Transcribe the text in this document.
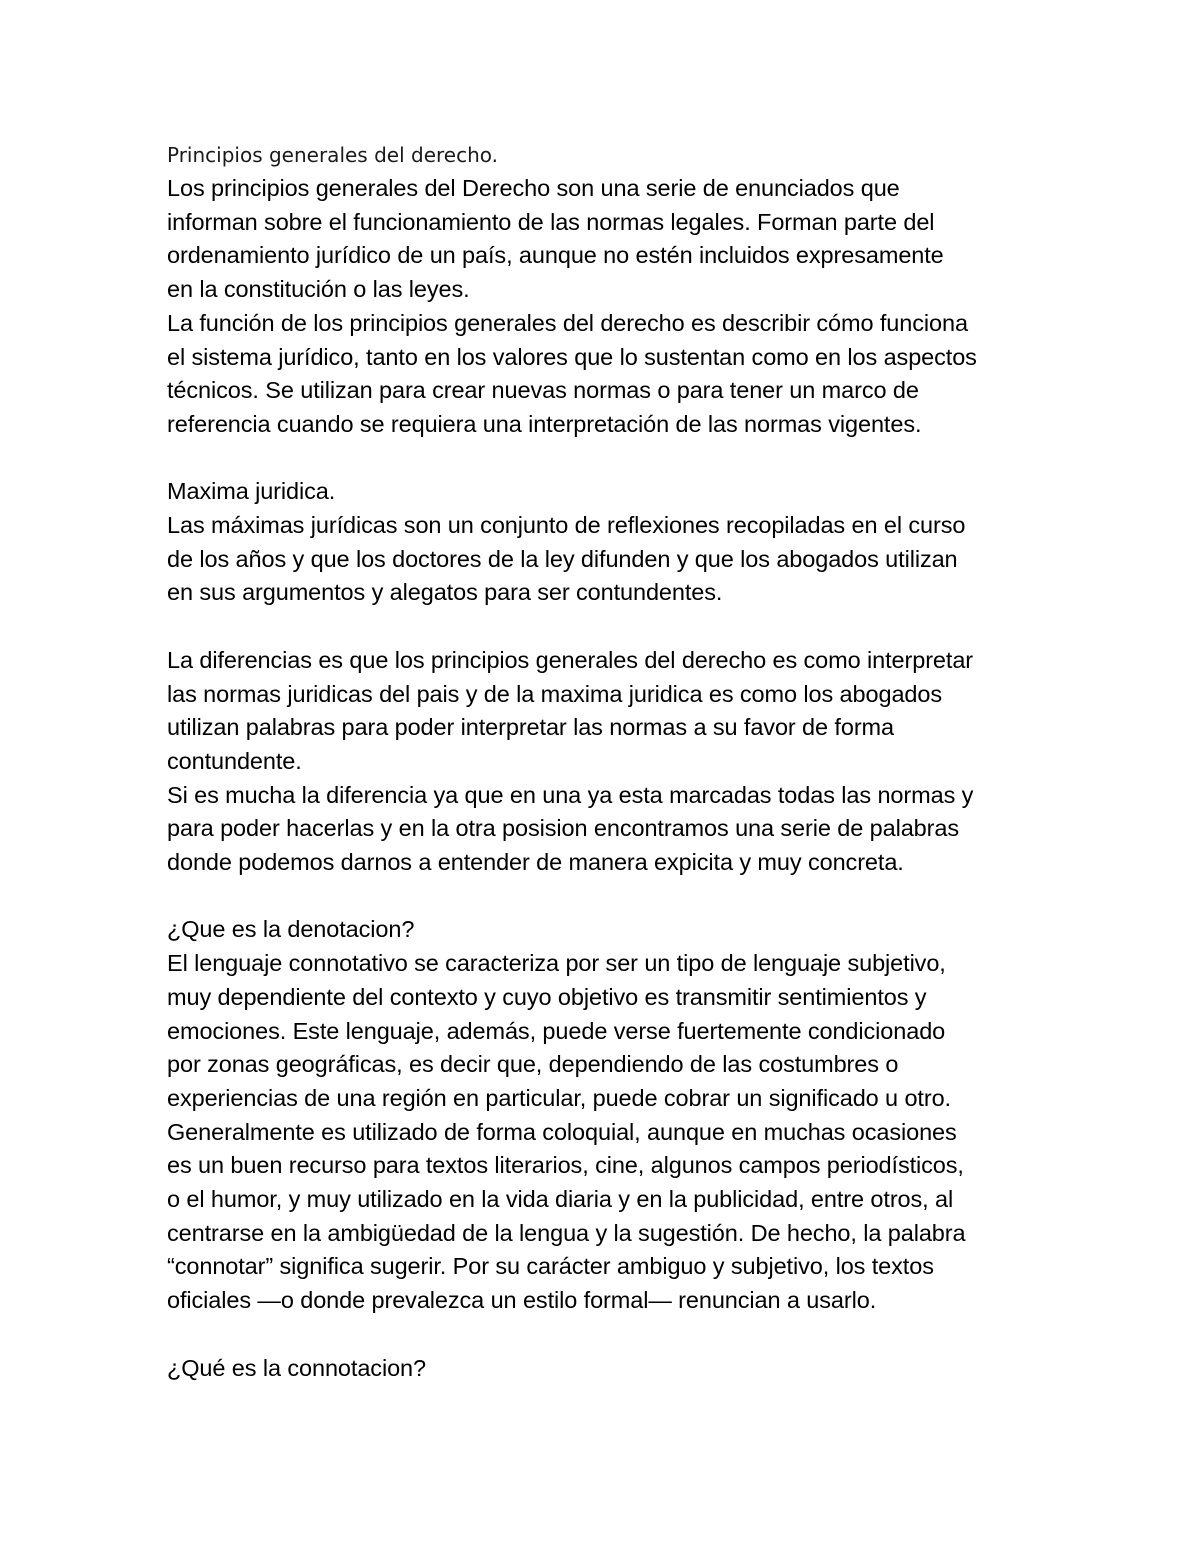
Principios generales del derecho.

Los principios generales del Derecho son una serie de enunciados que
informan sobre el funcionamiento de las normas legales. Forman parte del
ordenamiento jurídico de un país, aunque no estén incluidos expresamente
en la constitución o las leyes.
La función de los principios generales del derecho es describir cómo funciona
el sistema jurídico, tanto en los valores que lo sustentan como en los aspectos
técnicos. Se utilizan para crear nuevas normas o para tener un marco de
referencia cuando se requiera una interpretación de las normas vigentes.
Maxima juridica.
Las máximas jurídicas son un conjunto de reflexiones recopiladas en el curso
de los años y que los doctores de la ley difunden y que los abogados utilizan
en sus argumentos y alegatos para ser contundentes.
La diferencias es que los principios generales del derecho es como interpretar
las normas juridicas del pais y de la maxima juridica es como los abogados
utilizan palabras para poder interpretar las normas a su favor de forma
contundente.
Si es mucha la diferencia ya que en una ya esta marcadas todas las normas y
para poder hacerlas y en la otra posision encontramos una serie de palabras
donde podemos darnos a entender de manera expicita y muy concreta.
¿Que es la denotacion?
El lenguaje connotativo se caracteriza por ser un tipo de lenguaje subjetivo,
muy dependiente del contexto y cuyo objetivo es transmitir sentimientos y
emociones. Este lenguaje, además, puede verse fuertemente condicionado
por zonas geográficas, es decir que, dependiendo de las costumbres o
experiencias de una región en particular, puede cobrar un significado u otro.
Generalmente es utilizado de forma coloquial, aunque en muchas ocasiones
es un buen recurso para textos literarios, cine, algunos campos periodísticos,
o el humor, y muy utilizado en la vida diaria y en la publicidad, entre otros, al
centrarse en la ambigüedad de la lengua y la sugestión. De hecho, la palabra
“connotar” significa sugerir. Por su carácter ambiguo y subjetivo, los textos
oficiales —o donde prevalezca un estilo formal— renuncian a usarlo.
¿Qué es la connotacion?
